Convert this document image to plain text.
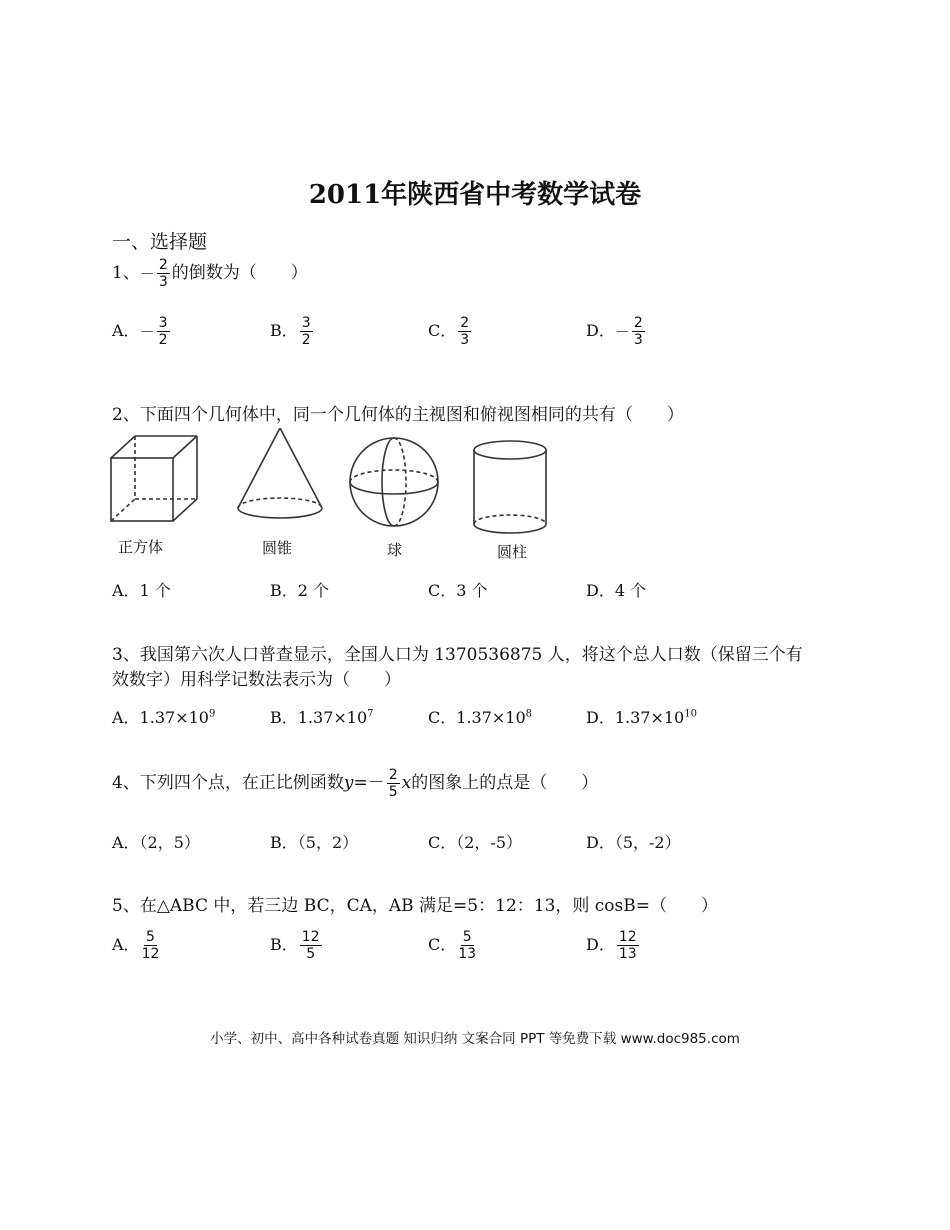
2011年陕西省中考数学试卷
一、选择题
1、－ $\frac{2}{3}$ 的倒数为（　　）
A．－ $\frac{3}{2}$	B． $\frac{3}{2}$	C． $\frac{2}{3}$	D．－ $\frac{2}{3}$
2、下面四个几何体中，同一个几何体的主视图和俯视图相同的共有（　　）
正方体	圆锥	球	圆柱
A．1 个	B．2 个	C．3 个	D．4 个
3、我国第六次人口普查显示，全国人口为 1370536875 人，将这个总人口数（保留三个有
效数字）用科学记数法表示为（　　）
A．$1.37\times 10^9$	B．$1.37\times 10^7$	C．$1.37\times 10^8$	D．$1.37\times 10^{10}$
4、下列四个点，在正比例函数$y=- \frac{2}{5}$ x的图象上的点是（　　）
A．（2，5）	B．（5，2）	C．（2，-5）	D．（5，-2）
5、在△ABC 中，若三边 BC，CA，AB 满足=5：12：13，则 cosB=（　　）
A． $\frac{5}{12}$	B． $\frac{12}{5}$	C． $\frac{5}{13}$	D． $\frac{12}{13}$
小学、初中、高中各种试卷真题 知识归纳 文案合同 PPT 等免费下载 www.doc985.com
